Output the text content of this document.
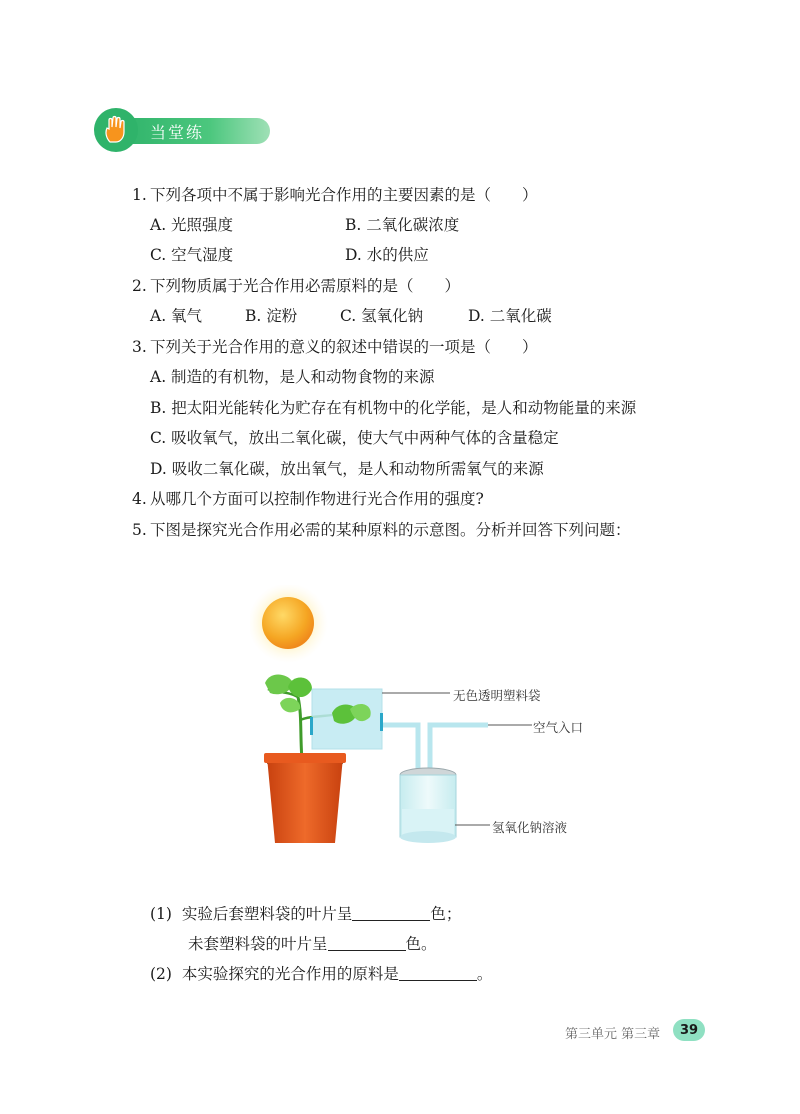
当堂练
1. 下列各项中不属于影响光合作用的主要因素的是（　　）
A. 光照强度	B. 二氧化碳浓度
C. 空气湿度	D. 水的供应
2. 下列物质属于光合作用必需原料的是（　　）
A. 氧气	B. 淀粉	C. 氢氧化钠	D. 二氧化碳
3. 下列关于光合作用的意义的叙述中错误的一项是（　　）
A. 制造的有机物，是人和动物食物的来源
B. 把太阳光能转化为贮存在有机物中的化学能，是人和动物能量的来源
C. 吸收氧气，放出二氧化碳，使大气中两种气体的含量稳定
D. 吸收二氧化碳，放出氧气，是人和动物所需氧气的来源
4. 从哪几个方面可以控制作物进行光合作用的强度?
5. 下图是探究光合作用必需的某种原料的示意图。分析并回答下列问题：
无色透明塑料袋
空气入口
氢氧化钠溶液
(1) 实验后套塑料袋的叶片呈	色；
未套塑料袋的叶片呈	色。
(2) 本实验探究的光合作用的原料是	。
第三单元 第三章	39
